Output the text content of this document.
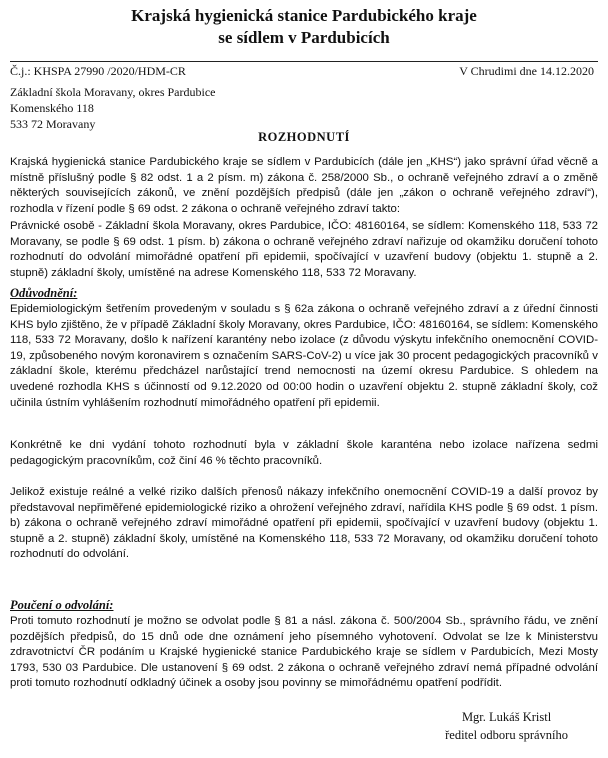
Krajská hygienická stanice Pardubického kraje
se sídlem v Pardubicích
Č.j.: KHSPA 27990 /2020/HDM-CR	V Chrudimi dne 14.12.2020
Základní škola Moravany, okres Pardubice
Komenského 118
533 72 Moravany
ROZHODNUTÍ
Krajská hygienická stanice Pardubického kraje se sídlem v Pardubicích (dále jen „KHS“) jako správní úřad věcně a místně příslušný podle § 82 odst. 1 a 2 písm. m) zákona č. 258/2000 Sb., o ochraně veřejného zdraví a o změně některých souvisejících zákonů, ve znění pozdějších předpisů (dále jen „zákon o ochraně veřejného zdraví“), rozhodla v řízení podle § 69 odst. 2 zákona o ochraně veřejného zdraví takto:
Právnické osobě - Základní škola Moravany, okres Pardubice, IČO: 48160164, se sídlem: Komenského 118, 533 72 Moravany, se podle § 69 odst. 1 písm. b) zákona o ochraně veřejného zdraví nařizuje od okamžiku doručení tohoto rozhodnutí do odvolání mimořádné opatření při epidemii, spočívající v uzavření budovy (objektu 1. stupně a 2. stupně) základní školy, umístěné na adrese Komenského 118, 533 72 Moravany.
Odůvodnění:
Epidemiologickým šetřením provedeným v souladu s § 62a zákona o ochraně veřejného zdraví a z úřední činnosti KHS bylo zjištěno, že v případě Základní školy Moravany, okres Pardubice, IČO: 48160164, se sídlem: Komenského 118, 533 72 Moravany, došlo k nařízení karantény nebo izolace (z důvodu výskytu infekčního onemocnění COVID-19, způsobeného novým koronavirem s označením SARS-CoV-2) u více jak 30 procent pedagogických pracovníků v základní škole, kterému předcházel narůstající trend nemocnosti na území okresu Pardubice. S ohledem na uvedené rozhodla KHS s účinností od 9.12.2020 od 00:00 hodin o uzavření objektu 2. stupně základní školy, což učinila ústním vyhlášením rozhodnutí mimořádného opatření při epidemii.
Konkrétně ke dni vydání tohoto rozhodnutí byla v základní škole karanténa nebo izolace nařízena sedmi pedagogickým pracovníkům, což činí 46 % těchto pracovníků.
Jelikož existuje reálné a velké riziko dalších přenosů nákazy infekčního onemocnění COVID-19 a další provoz by představoval nepřiměřené epidemiologické riziko a ohrožení veřejného zdraví, nařídila KHS podle § 69 odst. 1 písm. b) zákona o ochraně veřejného zdraví mimořádné opatření při epidemii, spočívající v uzavření budovy (objektu 1. stupně a 2. stupně) základní školy, umístěné na Komenského 118, 533 72 Moravany, od okamžiku doručení tohoto rozhodnutí do odvolání.
Poučení o odvolání:
Proti tomuto rozhodnutí je možno se odvolat podle § 81 a násl. zákona č. 500/2004 Sb., správního řádu, ve znění pozdějších předpisů, do 15 dnů ode dne oznámení jeho písemného vyhotovení. Odvolat se lze k Ministerstvu zdravotnictví ČR podáním u Krajské hygienické stanice Pardubického kraje se sídlem v Pardubicích, Mezi Mosty 1793, 530 03 Pardubice. Dle ustanovení § 69 odst. 2 zákona o ochraně veřejného zdraví nemá případné odvolání proti tomuto rozhodnutí odkladný účinek a osoby jsou povinny se mimořádnému opatření podřídit.
Mgr. Lukáš Kristl
ředitel odboru správního
